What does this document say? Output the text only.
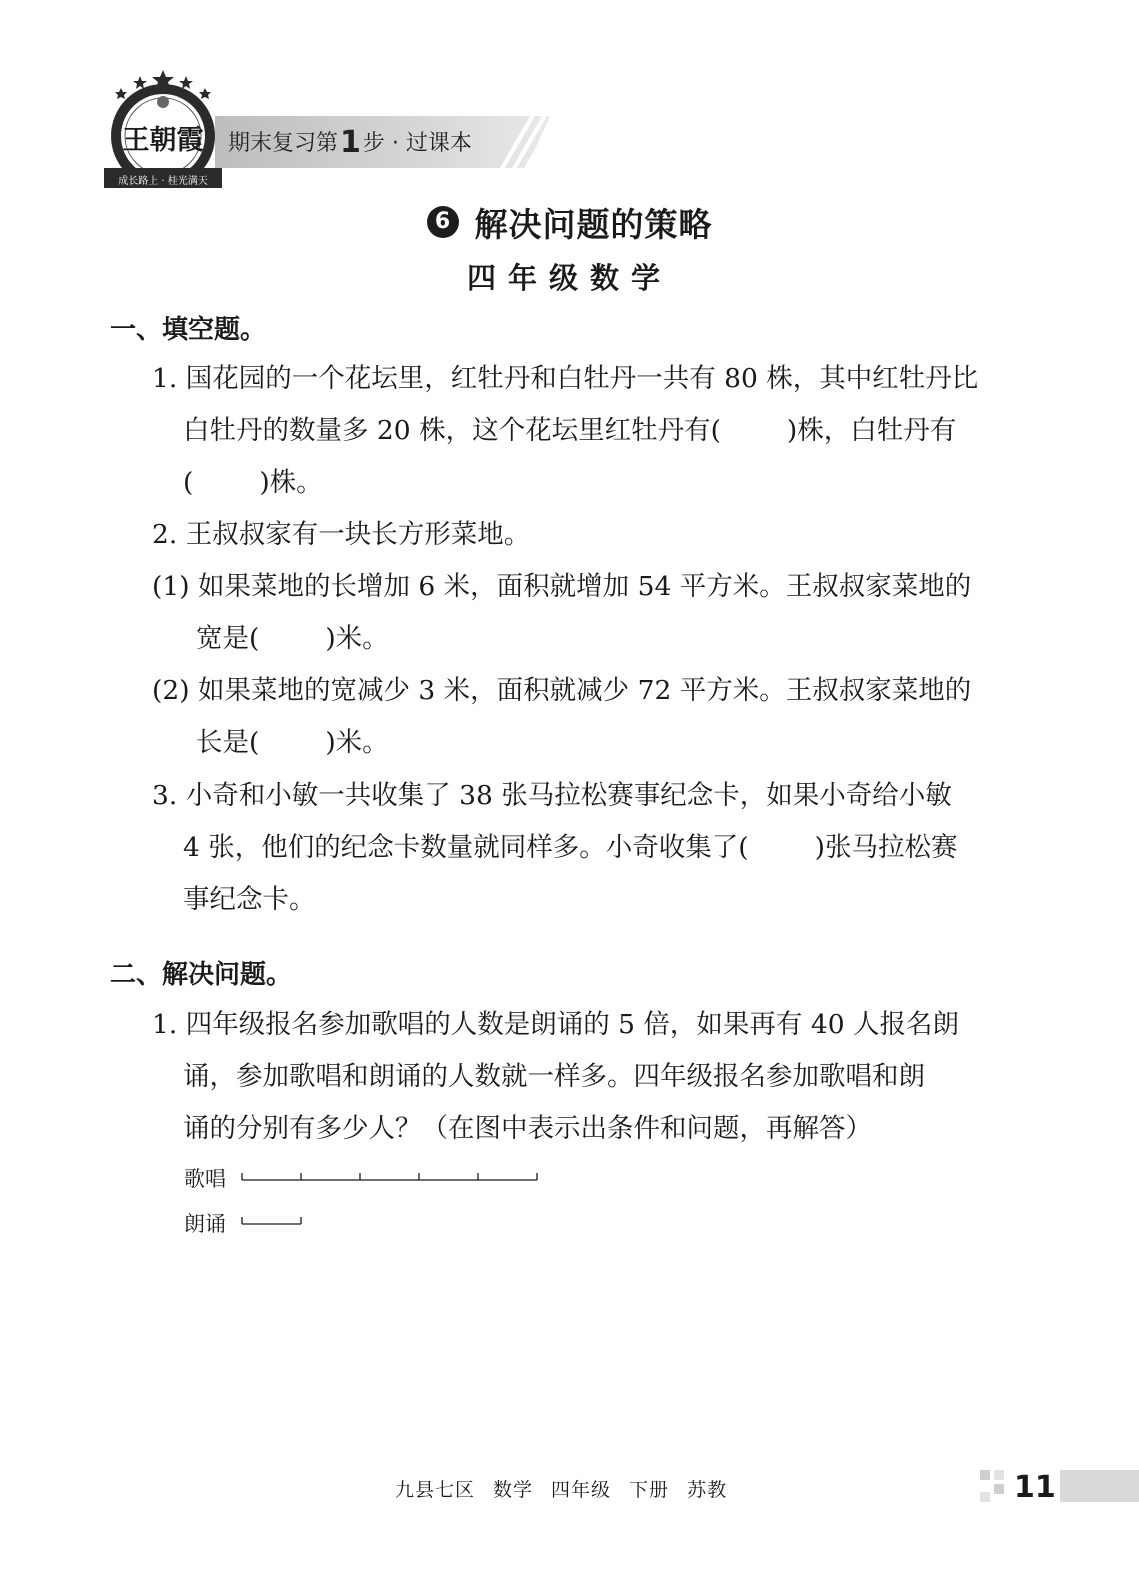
王朝霞
成长路上 · 桂光满天
期末复习第1步 · 过课本
6 解决问题的策略
四年级数学
一、填空题。
1. 国花园的一个花坛里，红牡丹和白牡丹一共有 80 株，其中红牡丹比
白牡丹的数量多 20 株，这个花坛里红牡丹有( )株，白牡丹有
( )株。
2. 王叔叔家有一块长方形菜地。
(1) 如果菜地的长增加 6 米，面积就增加 54 平方米。王叔叔家菜地的
宽是( )米。
(2) 如果菜地的宽减少 3 米，面积就减少 72 平方米。王叔叔家菜地的
长是( )米。
3. 小奇和小敏一共收集了 38 张马拉松赛事纪念卡，如果小奇给小敏
4 张，他们的纪念卡数量就同样多。小奇收集了( )张马拉松赛
事纪念卡。
二、解决问题。
1. 四年级报名参加歌唱的人数是朗诵的 5 倍，如果再有 40 人报名朗
诵，参加歌唱和朗诵的人数就一样多。四年级报名参加歌唱和朗
诵的分别有多少人？（在图中表示出条件和问题，再解答）
歌唱
朗诵
九县七区 数学 四年级 下册 苏教	11
